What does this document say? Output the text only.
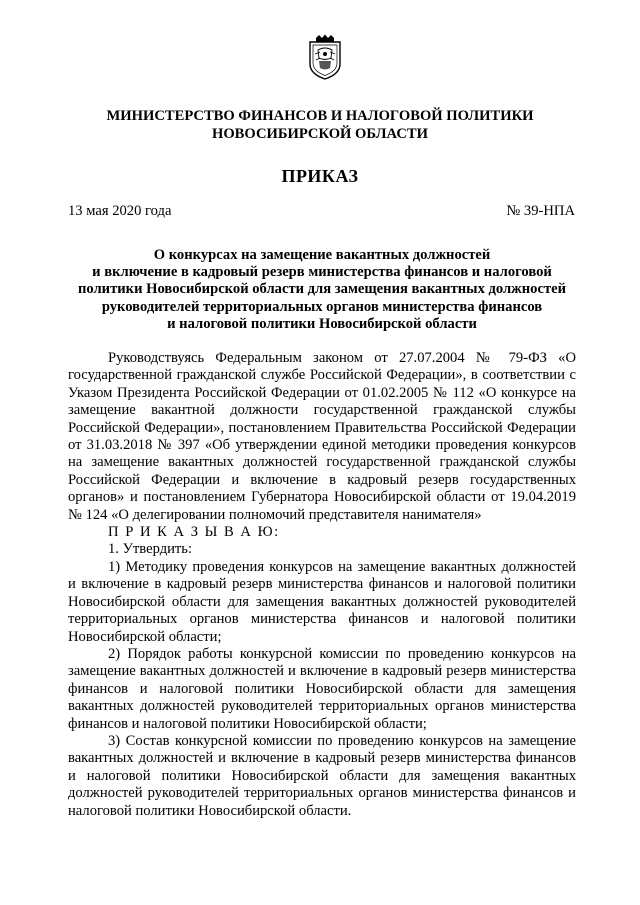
МИНИСТЕРСТВО ФИНАНСОВ И НАЛОГОВОЙ ПОЛИТИКИ
НОВОСИБИРСКОЙ ОБЛАСТИ
ПРИКАЗ
13 мая 2020 года	№ 39-НПА
О конкурсах на замещение вакантных должностей
и включение в кадровый резерв министерства финансов и налоговой
политики Новосибирской области для замещения вакантных должностей
руководителей территориальных органов министерства финансов
и налоговой политики Новосибирской области

Руководствуясь Федеральным законом от 27.07.2004 № 79-ФЗ «О государственной гражданской службе Российской Федерации», в соответствии с Указом Президента Российской Федерации от 01.02.2005 № 112 «О конкурсе на замещение вакантной должности государственной гражданской службы Российской Федерации», постановлением Правительства Российской Федерации от 31.03.2018 № 397 «Об утверждении единой методики проведения конкурсов на замещение вакантных должностей государственной гражданской службы Российской Федерации и включение в кадровый резерв государственных органов» и постановлением Губернатора Новосибирской области от 19.04.2019 № 124 «О делегировании полномочий представителя нанимателя»

П Р И К А З Ы В А Ю:

1. Утвердить:

1) Методику проведения конкурсов на замещение вакантных должностей и включение в кадровый резерв министерства финансов и налоговой политики Новосибирской области для замещения вакантных должностей руководителей территориальных органов министерства финансов и налоговой политики Новосибирской области;

2) Порядок работы конкурсной комиссии по проведению конкурсов на замещение вакантных должностей и включение в кадровый резерв министерства финансов и налоговой политики Новосибирской области для замещения вакантных должностей руководителей территориальных органов министерства финансов и налоговой политики Новосибирской области;

3) Состав конкурсной комиссии по проведению конкурсов на замещение вакантных должностей и включение в кадровый резерв министерства финансов и налоговой политики Новосибирской области для замещения вакантных должностей руководителей территориальных органов министерства финансов и налоговой политики Новосибирской области.
